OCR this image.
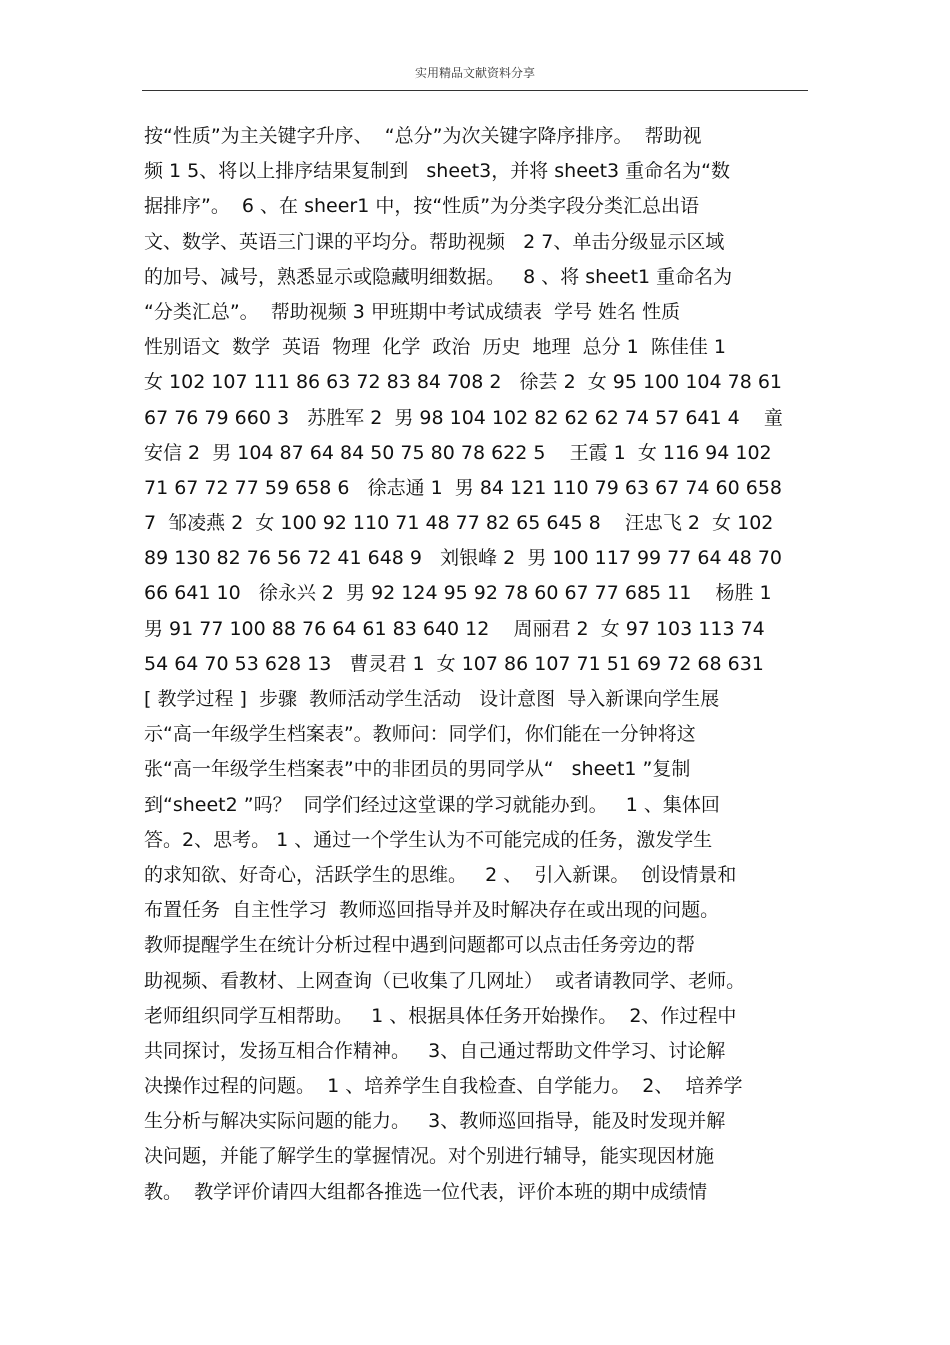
实用精品文献资料分享
按“性质”为主关键字升序、  “总分”为次关键字降序排序。  帮助视
频 1 5、将以上排序结果复制到   sheet3，并将 sheet3 重命名为“数
据排序”。  6 、在 sheer1 中，按“性质”为分类字段分类汇总出语
文、数学、英语三门课的平均分。帮助视频   2 7、单击分级显示区域
的加号、减号，熟悉显示或隐藏明细数据。   8 、将 sheet1 重命名为
“分类汇总”。  帮助视频 3 甲班期中考试成绩表  学号 姓名 性质
性别语文  数学  英语  物理  化学  政治  历史  地理  总分 1  陈佳佳 1
女 102 107 111 86 63 72 83 84 708 2   徐芸 2  女 95 100 104 78 61
67 76 79 660 3   苏胜军 2  男 98 104 102 82 62 62 74 57 641 4    童
安信 2  男 104 87 64 84 50 75 80 78 622 5    王霞 1  女 116 94 102
71 67 72 77 59 658 6   徐志通 1  男 84 121 110 79 63 67 74 60 658
7  邹凌燕 2  女 100 92 110 71 48 77 82 65 645 8    汪忠飞 2  女 102
89 130 82 76 56 72 41 648 9   刘银峰 2  男 100 117 99 77 64 48 70
66 641 10   徐永兴 2  男 92 124 95 92 78 60 67 77 685 11    杨胜 1
男 91 77 100 88 76 64 61 83 640 12    周丽君 2  女 97 103 113 74
54 64 70 53 628 13   曹灵君 1  女 107 86 107 71 51 69 72 68 631
[ 教学过程 ]  步骤  教师活动学生活动   设计意图  导入新课向学生展
示“高一年级学生档案表”。教师问：同学们，你们能在一分钟将这
张“高一年级学生档案表”中的非团员的男同学从“   sheet1 ”复制
到“sheet2 ”吗？  同学们经过这堂课的学习就能办到。   1 、集体回
答。2、思考。 1 、通过一个学生认为不可能完成的任务，激发学生
的求知欲、好奇心，活跃学生的思维。   2 、  引入新课。  创设情景和
布置任务  自主性学习  教师巡回指导并及时解决存在或出现的问题。
教师提醒学生在统计分析过程中遇到问题都可以点击任务旁边的帮
助视频、看教材、上网查询（已收集了几网址）  或者请教同学、老师。
老师组织同学互相帮助。   1 、根据具体任务开始操作。  2、作过程中
共同探讨，发扬互相合作精神。   3、自己通过帮助文件学习、讨论解
决操作过程的问题。  1 、培养学生自我检查、自学能力。  2、  培养学
生分析与解决实际问题的能力。   3、教师巡回指导，能及时发现并解
决问题，并能了解学生的掌握情况。对个别进行辅导，能实现因材施
教。  教学评价请四大组都各推选一位代表，评价本班的期中成绩情
